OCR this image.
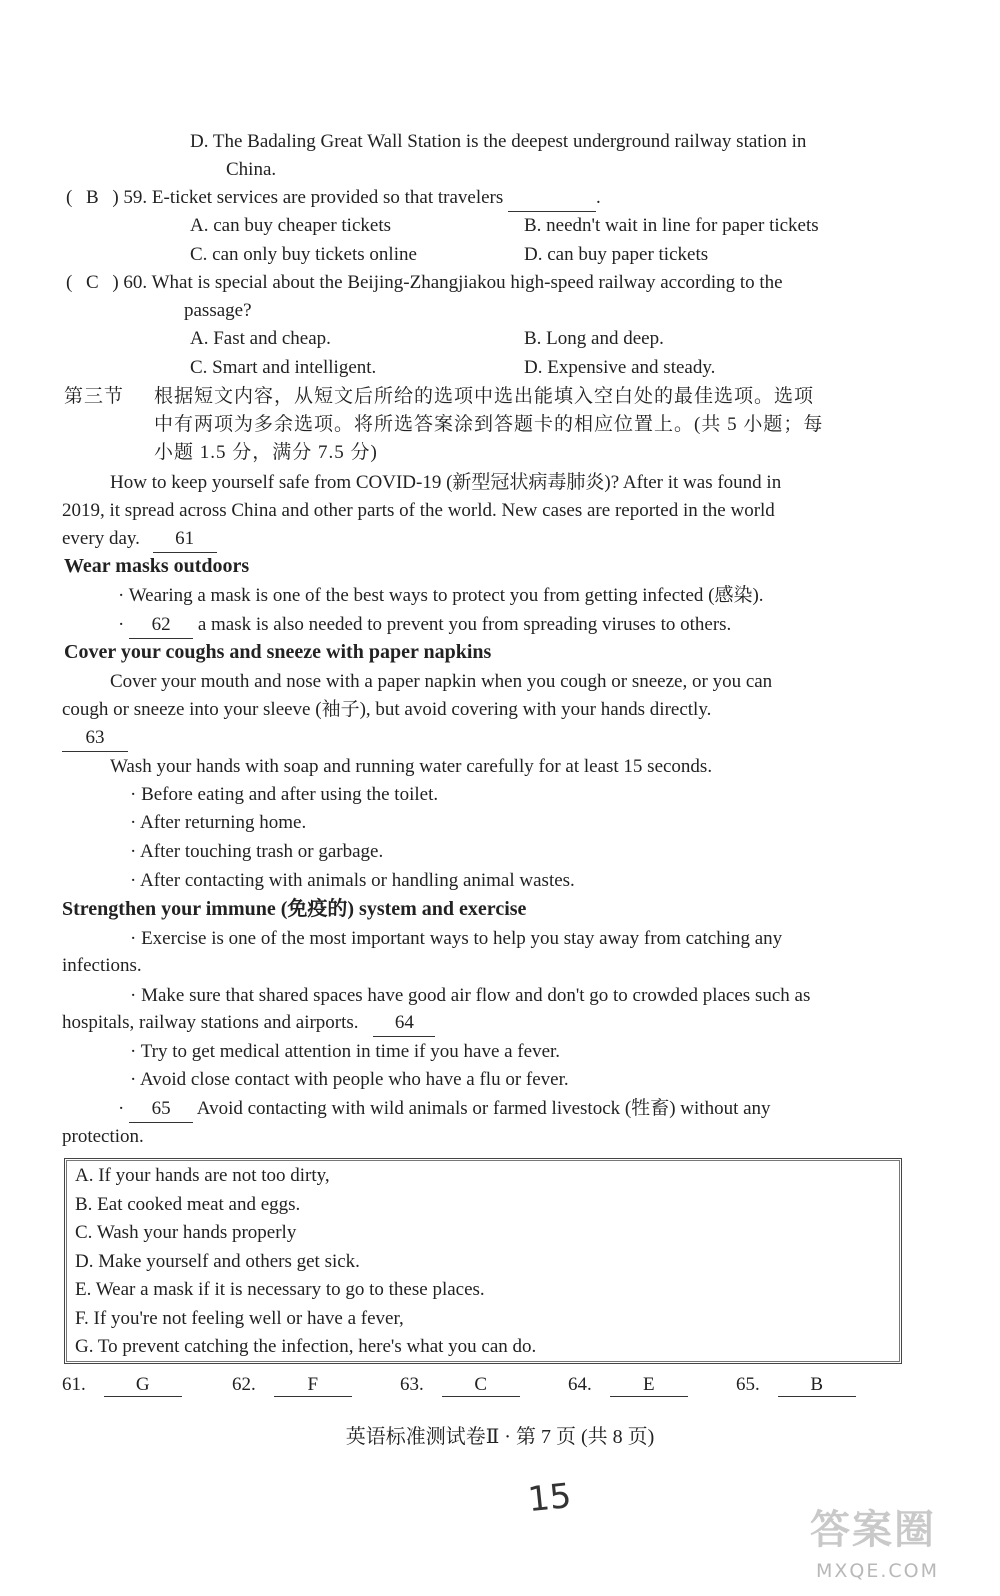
D. The Badaling Great Wall Station is the deepest underground railway station in
China.
( B ) 59. E-ticket services are provided so that travelers	.
A. can buy cheaper tickets	B. needn't wait in line for paper tickets
C. can only buy tickets online	D. can buy paper tickets
( C ) 60. What is special about the Beijing-Zhangjiakou high-speed railway according to the
passage?
A. Fast and cheap.	B. Long and deep.
C. Smart and intelligent.	D. Expensive and steady.
第三节 根据短文内容，从短文后所给的选项中选出能填入空白处的最佳选项。选项
中有两项为多余选项。将所选答案涂到答题卡的相应位置上。(共 5 小题；每
小题 1.5 分，满分 7.5 分)
How to keep yourself safe from COVID-19 (新型冠状病毒肺炎)? After it was found in
2019, it spread across China and other parts of the world. New cases are reported in the world
every day. 61
Wear masks outdoors
· Wearing a mask is one of the best ways to protect you from getting infected (感染).
· 62 a mask is also needed to prevent you from spreading viruses to others.
Cover your coughs and sneeze with paper napkins
Cover your mouth and nose with a paper napkin when you cough or sneeze, or you can
cough or sneeze into your sleeve (袖子), but avoid covering with your hands directly.
63
Wash your hands with soap and running water carefully for at least 15 seconds.
· Before eating and after using the toilet.
· After returning home.
· After touching trash or garbage.
· After contacting with animals or handling animal wastes.
Strengthen your immune (免疫的) system and exercise
· Exercise is one of the most important ways to help you stay away from catching any
infections.
· Make sure that shared spaces have good air flow and don't go to crowded places such as
hospitals, railway stations and airports. 64
· Try to get medical attention in time if you have a fever.
· Avoid close contact with people who have a flu or fever.
· 65 Avoid contacting with wild animals or farmed livestock (牲畜) without any
protection.
A. If your hands are not too dirty,
B. Eat cooked meat and eggs.
C. Wash your hands properly
D. Make yourself and others get sick.
E. Wear a mask if it is necessary to go to these places.
F. If you're not feeling well or have a fever,
G. To prevent catching the infection, here's what you can do.
61.	G	62.	F	63.	C	64.	E	65.	B
英语标准测试卷Ⅱ · 第 7 页 (共 8 页)
15
答案圈
MXQE.COM
